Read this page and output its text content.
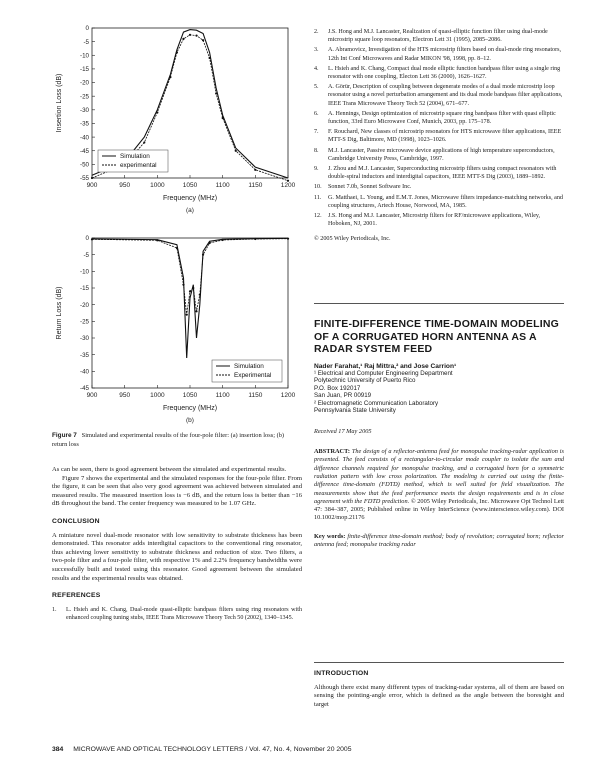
900	950	1000	1050	1100	1150	1200
0
-5
-10
-15
-20
-25
-30
-35
-40
-45
-50
-55
Frequency (MHz)
Insertion Loss (dB)
(a)
Simulation
experimental
900	950	1000	1050	1100	1150	1200
0
-5
-10
-15
-20
-25
-30
-35
-40
-45
Frequency (MHz)
Return Loss (dB)
(b)
Simulation
Experimental
Figure 7 Simulated and experimental results of the four-pole filter: (a) insertion loss; (b) return loss

As can be seen, there is good agreement between the simulated and experimental results.

Figure 7 shows the experimental and the simulated responses for the four-pole filter. From the figure, it can be seen that also very good agreement was achieved between simulated and measured results. The measured insertion loss is −6 dB, and the return loss is better than −16 dB throughout the band. The center frequency was measured to be 1.07 GHz.

CONCLUSION

A miniature novel dual-mode resonator with low sensitivity to substrate thickness has been demonstrated. This resonator adds interdigital capacitors to the conventional ring resonator, thus achieving lower sensitivity to substrate thickness and reduction of size. Two filters, a two-pole filter and a four-pole filter, with respective 1% and 2.2% frequency bandwidths were successfully built and tested using this resonator. Good agreement between the simulated results and the experimental results was obtained.

REFERENCES
1.	L. Hsieh and K. Chang, Dual-mode quasi-elliptic bandpass filters using ring resonators with enhanced coupling tuning stubs, IEEE Trans Microwave Theory Tech 50 (2002), 1340–1345.
2.	J.S. Hong and M.J. Lancaster, Realization of quasi-elliptic function filter using dual-mode microstrip square loop resonators, Electron Lett 31 (1995), 2085–2086.
3.	A. Abramovicz, Investigation of the HTS microstrip filters based on dual-mode ring resonators, 12th Int Conf Microwaves and Radar MIKON '98, 1998, pp. 8–12.
4.	L. Hsieh and K. Chang, Compact dual mode elliptic function bandpass filter using a single ring resonator with one coupling, Electon Lett 36 (2000), 1626–1627.
5.	A. Görür, Description of coupling between degenerate modes of a dual mode microstrip loop resonator using a novel perturbation arrangement and its dual mode bandpass filter applications, IEEE Trans Microwave Theory Tech 52 (2004), 671–677.
6.	A. Hennings, Design optimization of microstrip square ring bandpass filter with quasi elliptic function, 33rd Euro Microwave Conf, Munich, 2003, pp. 175–178.
7.	F. Rouchard, New classes of microstrip resonators for HTS microwave filter applications, IEEE MTT-S Dig, Baltimore, MD (1998), 1023–1026.
8.	M.J. Lancaster, Passive microwave device applications of high temperature superconductors, Cambridge University Press, Cambridge, 1997.
9.	J. Zhou and M.J. Lancaster, Superconducting microstrip filters using compact resonators with double-spiral inductors and interdigital capacitors, IEEE MTT-S Dig (2003), 1889–1892.
10.	Sonnet 7.0b, Sonnet Software Inc.
11.	G. Matthaei, L. Young, and E.M.T. Jones, Microwave filters impedance-matching networks, and coupling structures, Artech House, Norwood, MA, 1985.
12.	J.S. Hong and M.J. Lancaster, Microstrip filters for RF/microwave applications, Wiley, Hoboken, NJ, 2001.
© 2005 Wiley Periodicals, Inc.
FINITE-DIFFERENCE TIME-DOMAIN MODELING OF A CORRUGATED HORN ANTENNA AS A RADAR SYSTEM FEED
Nader Farahat,¹ Raj Mittra,² and Jose Carrion¹
¹ Electrical and Computer Engineering Department
Polytechnic University of Puerto Rico
P.O. Box 192017
San Juan, PR 00919
² Electromagnetic Communication Laboratory
Pennsylvania State University
Received 17 May 2005
ABSTRACT: The design of a reflector-antenna feed for monopulse tracking-radar application is presented. The feed consists of a rectangular-to-circular mode coupler to isolate the sum and difference channels required for monopulse tracking, and a corrugated horn for a symmetric radiation pattern with low cross polarization. The modeling is carried out using the finite-difference time-domain (FDTD) method, which is well suited for field visualization. The measurements show that the feed performance meets the design requirements and is in close agreement with the FDTD prediction. © 2005 Wiley Periodicals, Inc. Microwave Opt Technol Lett 47: 384–387, 2005; Published online in Wiley InterScience (www.interscience.wiley.com). DOI 10.1002/mop.21176
Key words: finite-difference time-domain method; body of revolution; corrugated horn; reflector antenna feed; monopulse tracking radar
INTRODUCTION

Although there exist many different types of tracking-radar systems, all of them are based on sensing the pointing-angle error, which is defined as the angle between the boresight and target

384 MICROWAVE AND OPTICAL TECHNOLOGY LETTERS / Vol. 47, No. 4, November 20 2005
